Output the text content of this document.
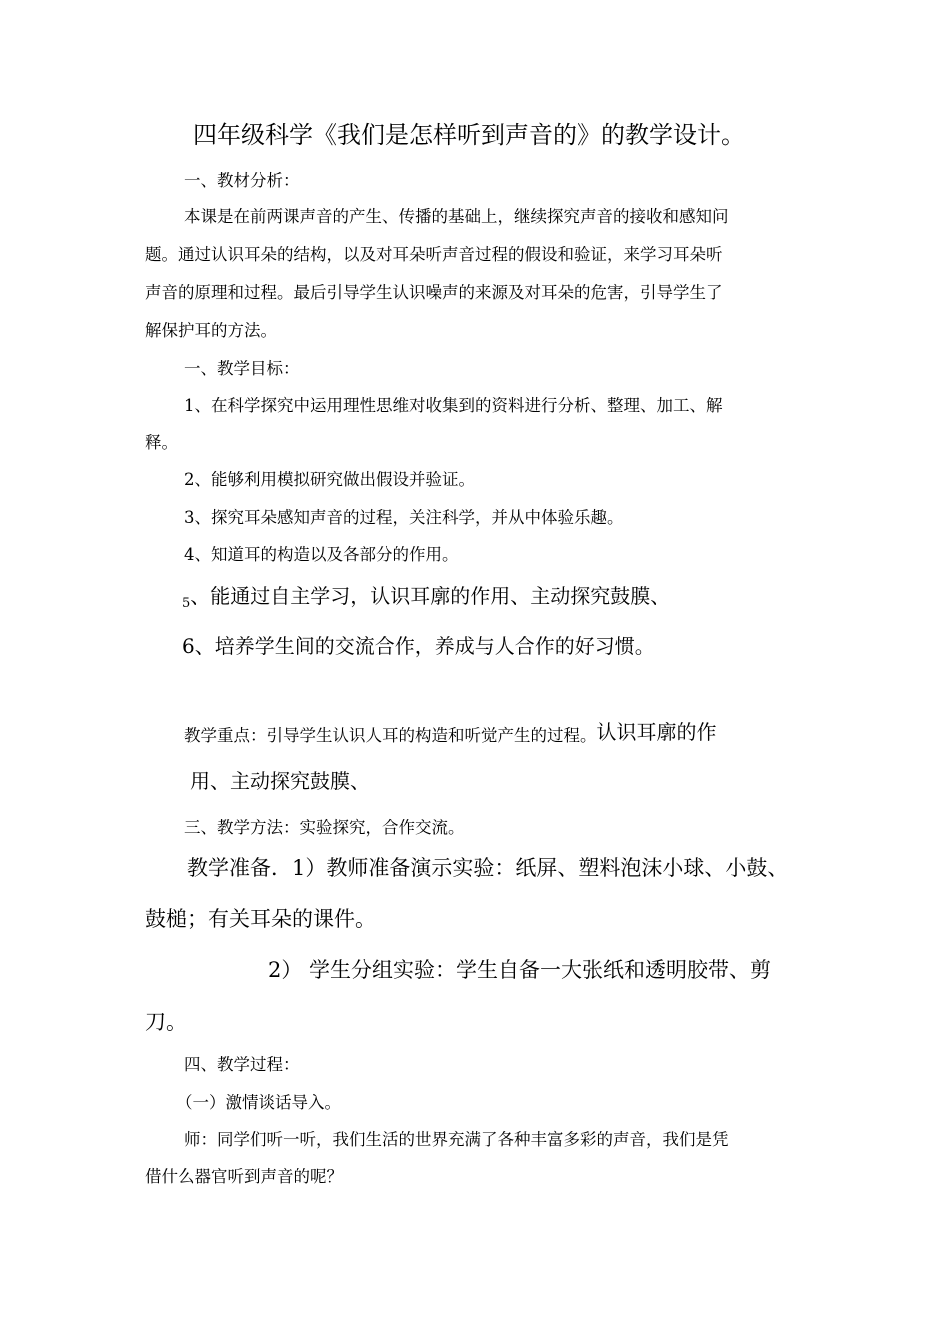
四年级科学《我们是怎样听到声音的》的教学设计。
一、教材分析：
本课是在前两课声音的产生、传播的基础上，继续探究声音的接收和感知问
题。通过认识耳朵的结构，以及对耳朵听声音过程的假设和验证，来学习耳朵听
声音的原理和过程。最后引导学生认识噪声的来源及对耳朵的危害，引导学生了
解保护耳的方法。
一、教学目标：
1、在科学探究中运用理性思维对收集到的资料进行分析、整理、加工、解
释。
2、能够利用模拟研究做出假设并验证。
3、探究耳朵感知声音的过程，关注科学，并从中体验乐趣。
4、知道耳的构造以及各部分的作用。
$_5$、能通过自主学习，认识耳廓的作用、主动探究鼓膜、
6、培养学生间的交流合作，养成与人合作的好习惯。
教学重点：引导学生认识人耳的构造和听觉产生的过程。认识耳廓的作
用、主动探究鼓膜、
三、教学方法：实验探究，合作交流。
教学准备．1）教师准备演示实验：纸屏、塑料泡沫小球、小鼓、
鼓槌；有关耳朵的课件。
2） 学生分组实验：学生自备一大张纸和透明胶带、剪
刀。
四、教学过程：
（一）激情谈话导入。
师：同学们听一听，我们生活的世界充满了各种丰富多彩的声音，我们是凭
借什么器官听到声音的呢？
